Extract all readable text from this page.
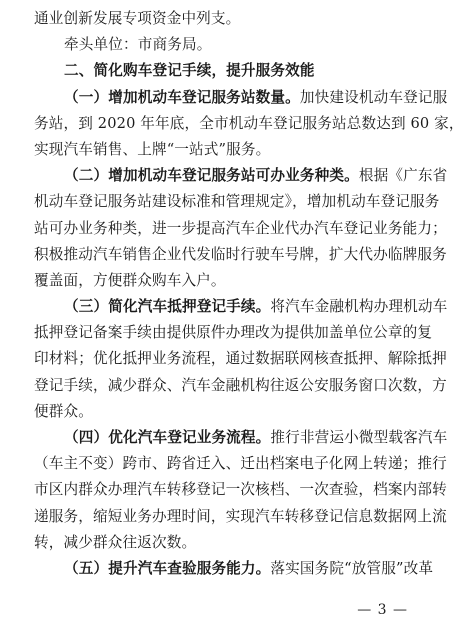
通业创新发展专项资金中列支。
牵头单位：市商务局。
二、简化购车登记手续，提升服务效能
（一）增加机动车登记服务站数量。加快建设机动车登记服
务站，到 2020 年年底，全市机动车登记服务站总数达到 60 家，
实现汽车销售、上牌“一站式”服务。
（二）增加机动车登记服务站可办业务种类。根据《广东省
机动车登记服务站建设标准和管理规定》，增加机动车登记服务
站可办业务种类，进一步提高汽车企业代办汽车登记业务能力；
积极推动汽车销售企业代发临时行驶车号牌，扩大代办临牌服务
覆盖面，方便群众购车入户。
（三）简化汽车抵押登记手续。将汽车金融机构办理机动车
抵押登记备案手续由提供原件办理改为提供加盖单位公章的复
印材料；优化抵押业务流程，通过数据联网核查抵押、解除抵押
登记手续，减少群众、汽车金融机构往返公安服务窗口次数，方
便群众。
（四）优化汽车登记业务流程。推行非营运小微型载客汽车
（车主不变）跨市、跨省迁入、迁出档案电子化网上转递；推行
市区内群众办理汽车转移登记一次核档、一次查验，档案内部转
递服务，缩短业务办理时间，实现汽车转移登记信息数据网上流
转，减少群众往返次数。
（五）提升汽车查验服务能力。落实国务院“放管服”改革
— 3 —
